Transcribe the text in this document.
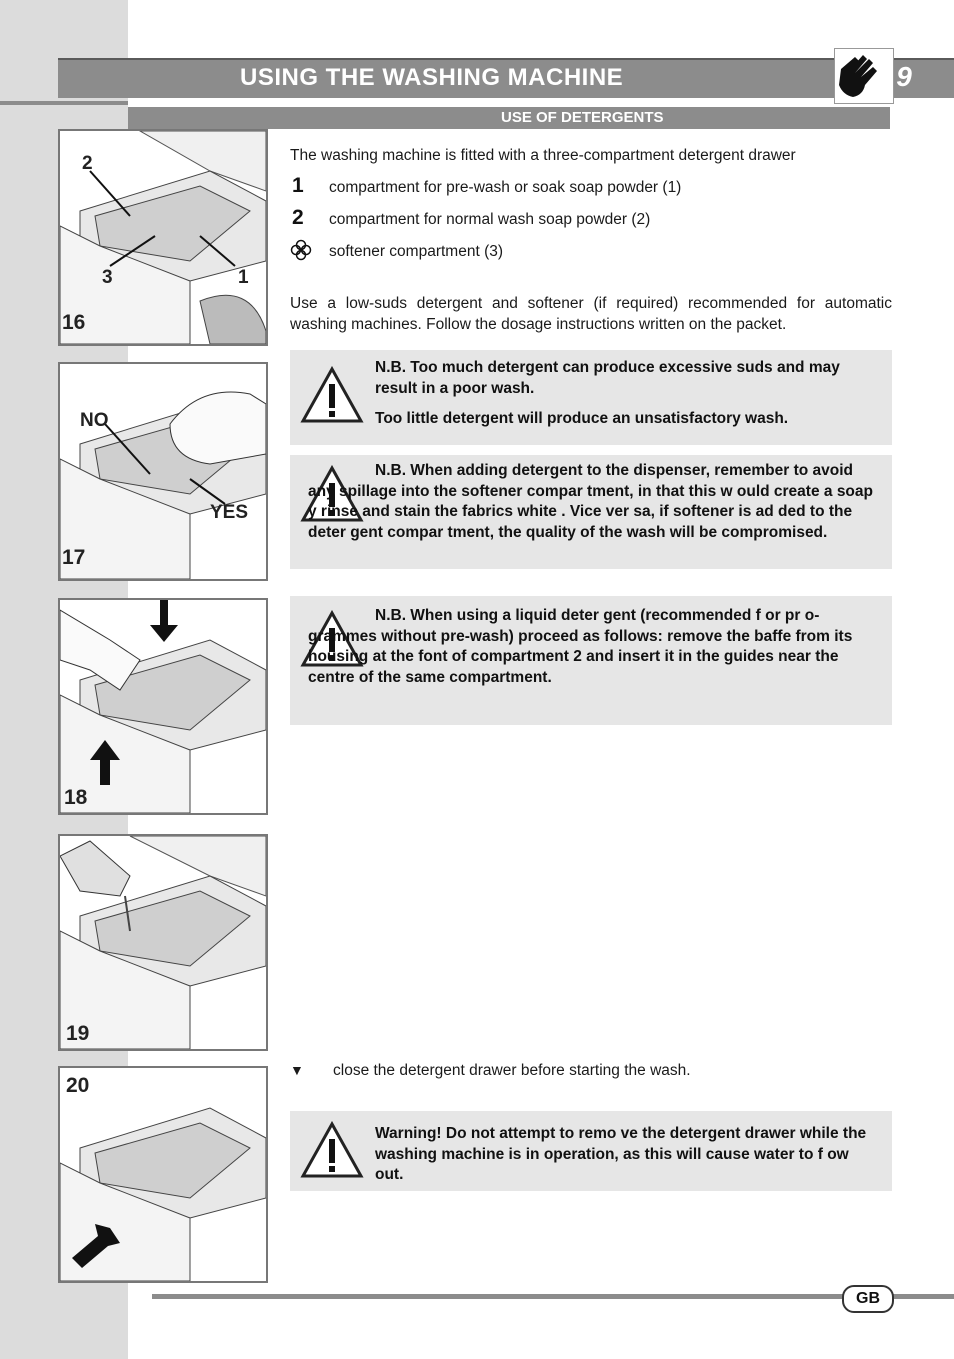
USING THE WASHING MACHINE	9
USE OF DETERGENTS
2
3	1
16
NO
YES
17
18
19
20
The washing machine is fitted with a three-compartment detergent drawer
1 compartment for pre-wash or soak soap powder (1)
2 compartment for normal wash soap powder (2)
softener compartment (3)
Use a low-suds detergent and softener (if required) recommended for automatic washing machines. Follow the dosage instructions written on the packet.
N.B. Too much detergent can produce excessive suds and may result in a poor wash.
Too little detergent will produce an unsatisfactory wash.
N.B. When adding detergent to the dispenser, remember to avoid any spillage into the softener compar tment, in that this w ould create a soap y rinse and stain the fabrics white . Vice ver sa, if softener is ad ded to the deter gent compar tment, the quality of the wash will be compromised.
N.B. When using a liquid deter gent (recommended f or pr o-grammes without pre-wash) proceed as follows: remove the baffe from its housing at the font of compartment 2 and insert it in the guides near the centre of the same compartment.
▼ close the detergent drawer before starting the wash.
Warning! Do not attempt to remo ve the detergent drawer while the washing machine is in operation, as this will cause water to f ow out.
GB
